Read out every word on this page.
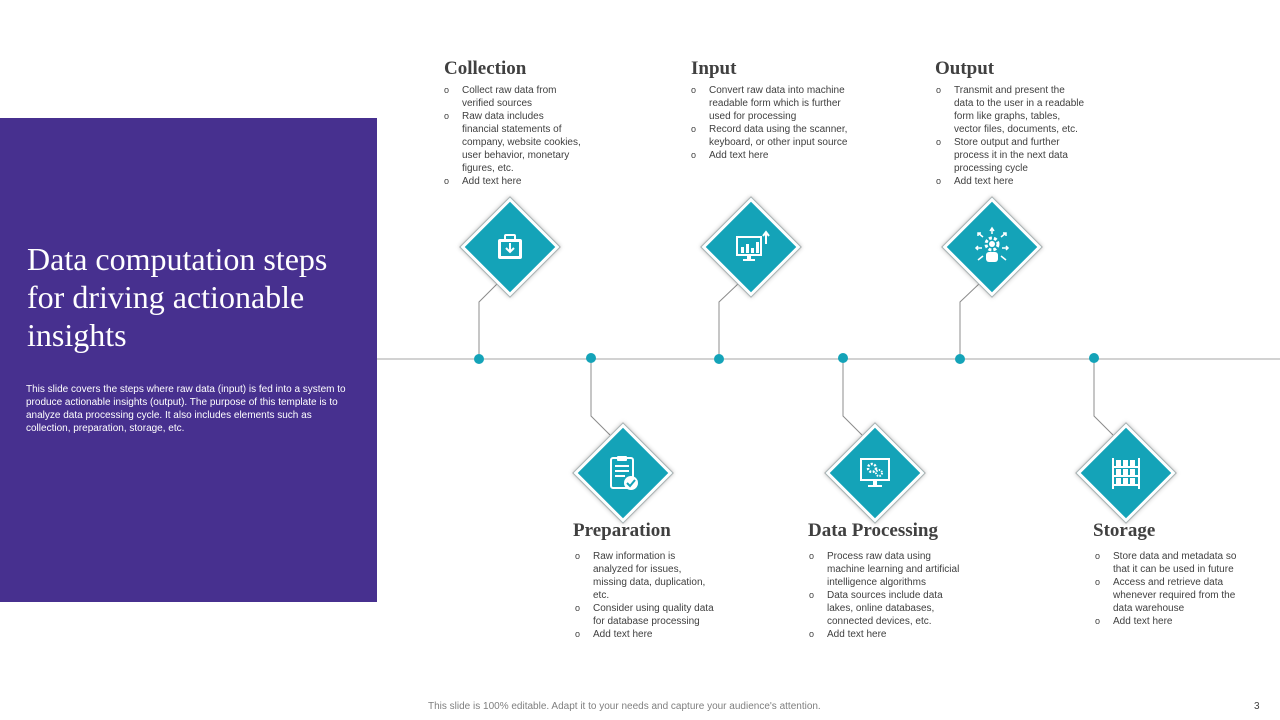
Data computation steps for driving actionable insights

This slide covers the steps where raw data (input) is fed into a system to produce actionable insights (output). The purpose of this template is to analyze data processing cycle. It also includes elements such as collection, preparation, storage, etc.

Collection
o Collect raw data from verified sources
o Raw data includes financial statements of company, website cookies, user behavior, monetary figures, etc.
o Add text here
Input
o Convert raw data into machine readable form which is further used for processing
o Record data using the scanner, keyboard, or other input source
o Add text here
Output
o Transmit and present the data to the user in a readable form like graphs, tables, vector files, documents, etc.
o Store output and further process it in the next data processing cycle
o Add text here
Preparation
o Raw information is analyzed for issues, missing data, duplication, etc.
o Consider using quality data for database processing
o Add text here
Data Processing
o Process raw data using machine learning and artificial intelligence algorithms
o Data sources include data lakes, online databases, connected devices, etc.
o Add text here
Storage
o Store data and metadata so that it can be used in future
o Access and retrieve data whenever required from the data warehouse
o Add text here

This slide is 100% editable. Adapt it to your needs and capture your audience's attention.	3
